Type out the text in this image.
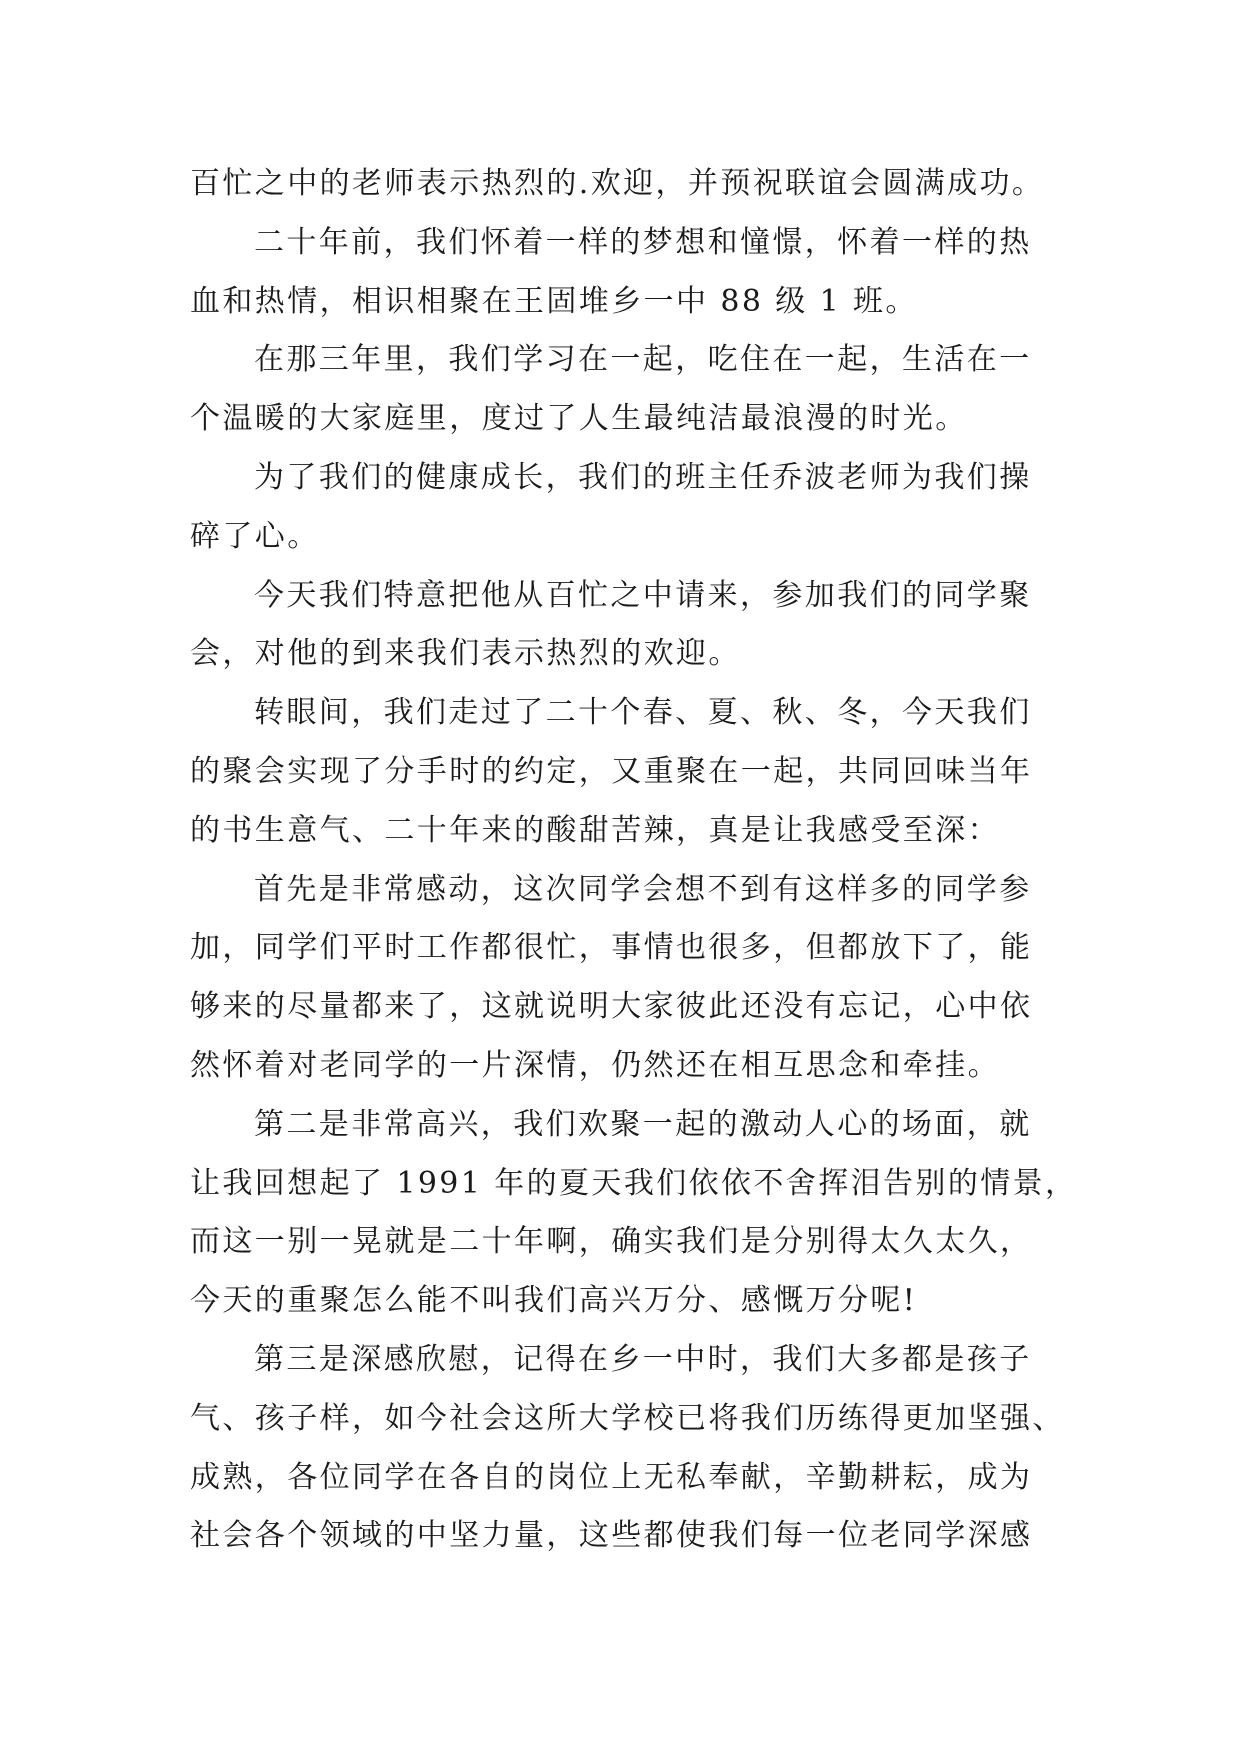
百忙之中的老师表示热烈的.欢迎，并预祝联谊会圆满成功。
二十年前，我们怀着一样的梦想和憧憬，怀着一样的热
血和热情，相识相聚在王固堆乡一中 88 级 1 班。
在那三年里，我们学习在一起，吃住在一起，生活在一
个温暖的大家庭里，度过了人生最纯洁最浪漫的时光。
为了我们的健康成长，我们的班主任乔波老师为我们操
碎了心。
今天我们特意把他从百忙之中请来，参加我们的同学聚
会，对他的到来我们表示热烈的欢迎。
转眼间，我们走过了二十个春、夏、秋、冬，今天我们
的聚会实现了分手时的约定，又重聚在一起，共同回味当年
的书生意气、二十年来的酸甜苦辣，真是让我感受至深：
首先是非常感动，这次同学会想不到有这样多的同学参
加，同学们平时工作都很忙，事情也很多，但都放下了，能
够来的尽量都来了，这就说明大家彼此还没有忘记，心中依
然怀着对老同学的一片深情，仍然还在相互思念和牵挂。
第二是非常高兴，我们欢聚一起的激动人心的场面，就
让我回想起了 1991 年的夏天我们依依不舍挥泪告别的情景，
而这一别一晃就是二十年啊，确实我们是分别得太久太久，
今天的重聚怎么能不叫我们高兴万分、感慨万分呢!
第三是深感欣慰，记得在乡一中时，我们大多都是孩子
气、孩子样，如今社会这所大学校已将我们历练得更加坚强、
成熟，各位同学在各自的岗位上无私奉献，辛勤耕耘，成为
社会各个领域的中坚力量，这些都使我们每一位老同学深感
